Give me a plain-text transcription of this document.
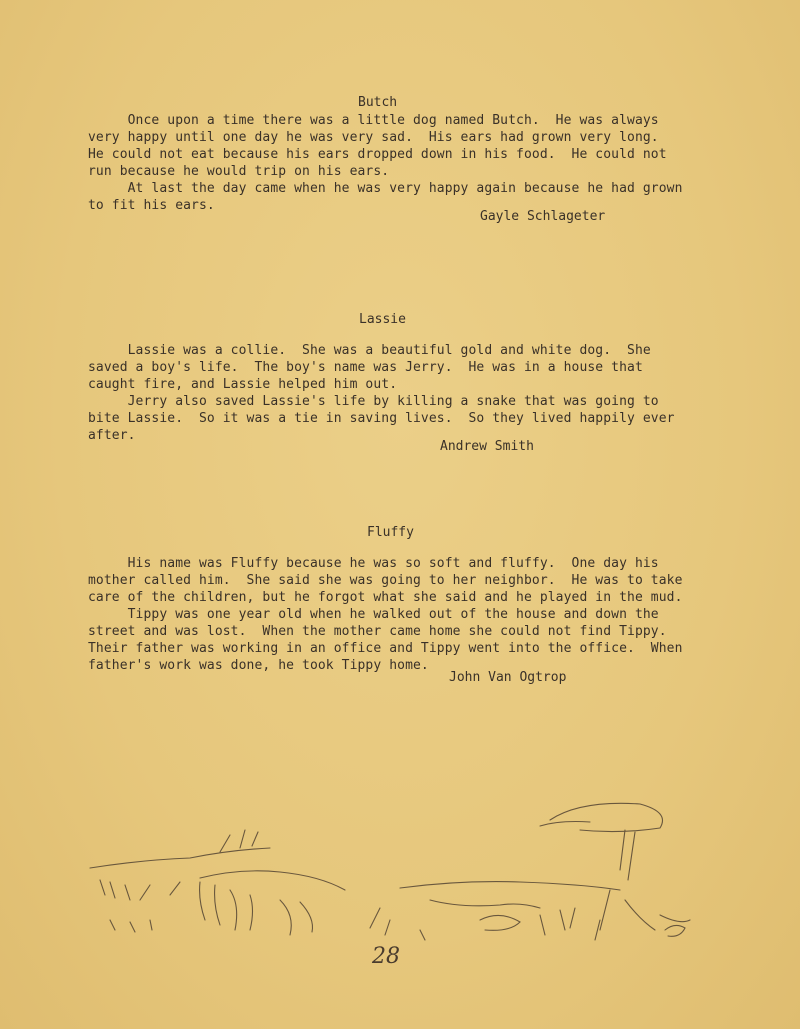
Butch

Once upon a time there was a little dog named Butch.  He was always
very happy until one day he was very sad.  His ears had grown very long.
He could not eat because his ears dropped down in his food.  He could not
run because he would trip on his ears.
At last the day came when he was very happy again because he had grown
to fit his ears.

Gayle Schlageter

Lassie

Lassie was a collie.  She was a beautiful gold and white dog.  She
saved a boy's life.  The boy's name was Jerry.  He was in a house that
caught fire, and Lassie helped him out.
Jerry also saved Lassie's life by killing a snake that was going to
bite Lassie.  So it was a tie in saving lives.  So they lived happily ever
after.

Andrew Smith

Fluffy

His name was Fluffy because he was so soft and fluffy.  One day his
mother called him.  She said she was going to her neighbor.  He was to take
care of the children, but he forgot what she said and he played in the mud.
Tippy was one year old when he walked out of the house and down the
street and was lost.  When the mother came home she could not find Tippy.
Their father was working in an office and Tippy went into the office.  When
father's work was done, he took Tippy home.

John Van Ogtrop

28
